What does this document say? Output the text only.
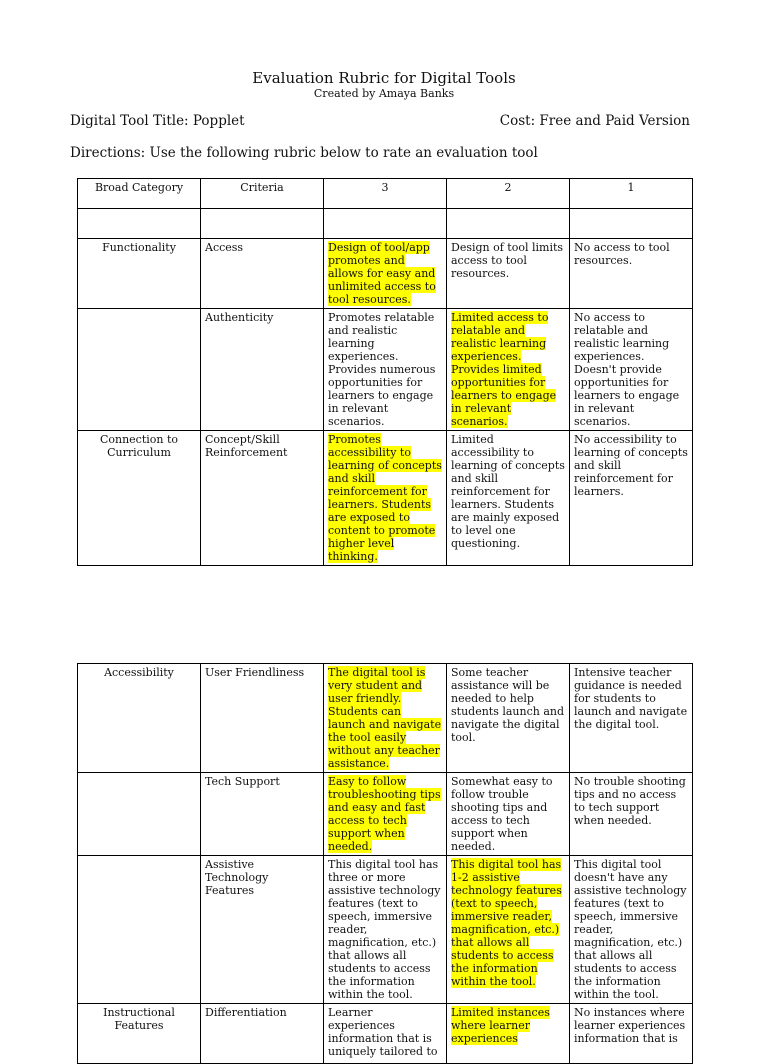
Evaluation Rubric for Digital Tools
Created by Amaya Banks
Digital Tool Title: Popplet	Cost: Free and Paid Version
Directions: Use the following rubric below to rate an evaluation tool
Broad Category	Criteria	3	2	1

Functionality	Access	Design of tool/app promotes and allows for easy and unlimited access to tool resources.	Design of tool limits access to tool resources.	No access to tool resources.
	Authenticity	Promotes relatable and realistic learning experiences. Provides numerous opportunities for learners to engage in relevant scenarios.	Limited access to relatable and realistic learning experiences. Provides limited opportunities for learners to engage in relevant scenarios.	No access to relatable and realistic learning experiences. Doesn't provide opportunities for learners to engage in relevant scenarios.
Connection to Curriculum	Concept/Skill Reinforcement	Promotes accessibility to learning of concepts and skill reinforcement for learners. Students are exposed to content to promote higher level thinking.	Limited accessibility to learning of concepts and skill reinforcement for learners. Students are mainly exposed to level one questioning.	No accessibility to learning of concepts and skill reinforcement for learners.
Accessibility	User Friendliness	The digital tool is very student and user friendly. Students can launch and navigate the tool easily without any teacher assistance.	Some teacher assistance will be needed to help students launch and navigate the digital tool.	Intensive teacher guidance is needed for students to launch and navigate the digital tool.
	Tech Support	Easy to follow troubleshooting tips and easy and fast access to tech support when needed.	Somewhat easy to follow trouble shooting tips and access to tech support when needed.	No trouble shooting tips and no access to tech support when needed.
	Assistive Technology Features	This digital tool has three or more assistive technology features (text to speech, immersive reader, magnification, etc.) that allows all students to access the information within the tool.	This digital tool has 1-2 assistive technology features (text to speech, immersive reader, magnification, etc.) that allows all students to access the information within the tool.	This digital tool doesn't have any assistive technology features (text to speech, immersive reader, magnification, etc.) that allows all students to access the information within the tool.
Instructional Features	Differentiation	Learner experiences information that is uniquely tailored to	Limited instances where learner experiences	No instances where learner experiences information that is
